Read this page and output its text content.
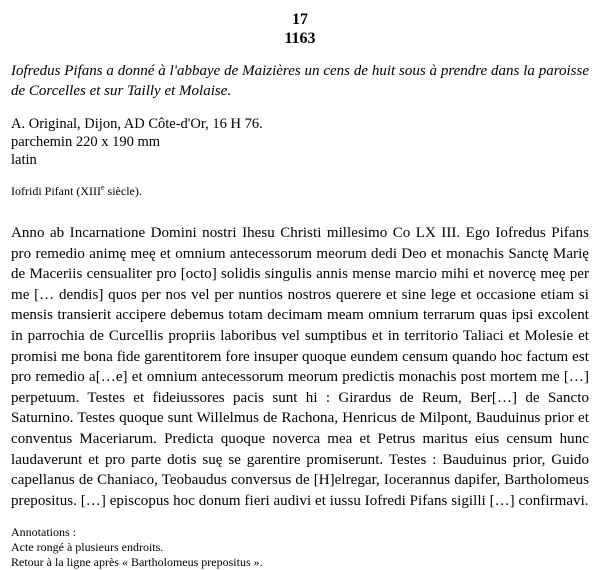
17
1163
Iofredus Pifans a donné à l'abbaye de Maizières un cens de huit sous à prendre dans la paroisse de Corcelles et sur Tailly et Molaise.
A. Original, Dijon, AD Côte-d'Or, 16 H 76.
parchemin 220 x 190 mm
latin
Iofridi Pifant (XIIIe siècle).
Anno ab Incarnatione Domini nostri Ihesu Christi millesimo Co LX III. Ego Iofredus Pifans pro remedio animę meę et omnium antecessorum meorum dedi Deo et monachis Sanctę Marię de Maceriis censualiter pro [octo] solidis singulis annis mense marcio mihi et novercę meę per me [… dendis] quos per nos vel per nuntios nostros querere et sine lege et occasione etiam si mensis transierit accipere debemus totam decimam meam omnium terrarum quas ipsi excolent in parrochia de Curcellis propriis laboribus vel sumptibus et in territorio Taliaci et Molesie et promisi me bona fide garentitorem fore insuper quoque eundem censum quando hoc factum est pro remedio a[…e] et omnium antecessorum meorum predictis monachis post mortem me […] perpetuum. Testes et fideiussores pacis sunt hi : Girardus de Reum, Ber[…] de Sancto Saturnino. Testes quoque sunt Willelmus de Rachona, Henricus de Milpont, Bauduinus prior et conventus Maceriarum. Predicta quoque noverca mea et Petrus maritus eius censum hunc laudaverunt et pro parte dotis suę se garentire promiserunt. Testes : Bauduinus prior, Guido capellanus de Chaniaco, Teobaudus conversus de [H]elregar, Iocerannus dapifer, Bartholomeus prepositus. […] episcopus hoc donum fieri audivi et iussu Iofredi Pifans sigilli […] confirmavi.
Annotations :
Acte rongé à plusieurs endroits.
Retour à la ligne après « Bartholomeus prepositus ».
